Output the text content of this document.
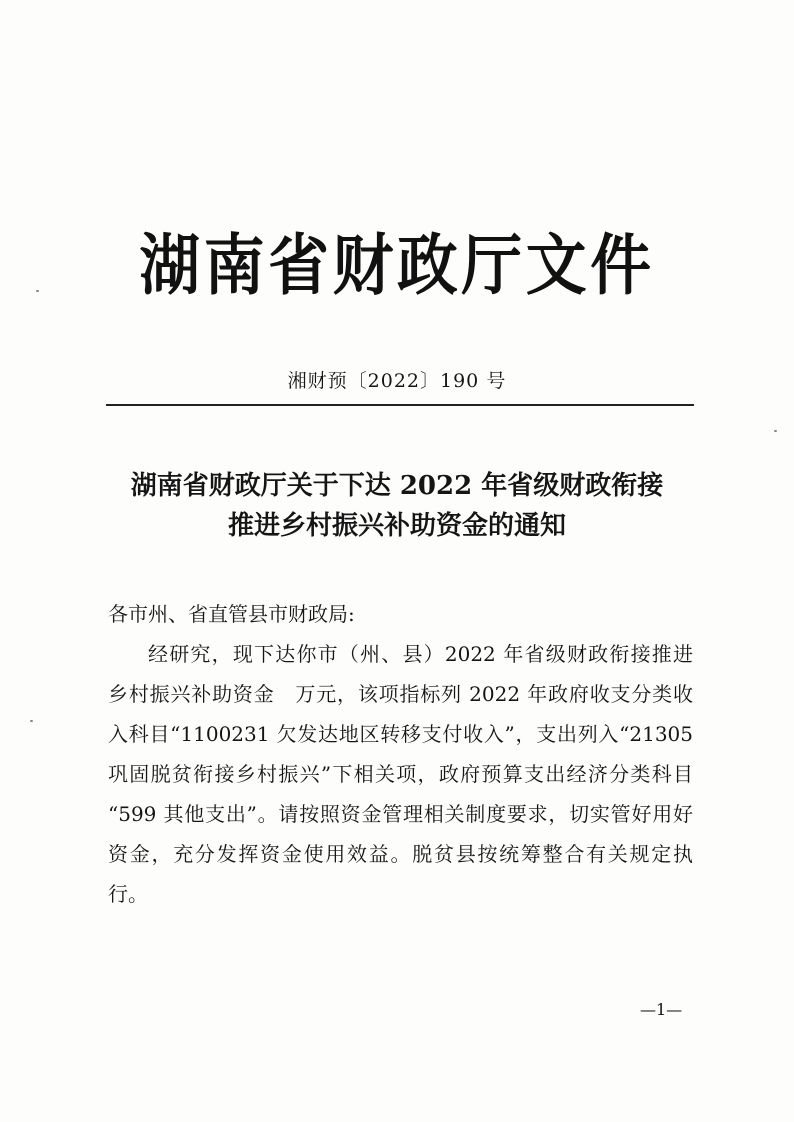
湖南省财政厅文件
湘财预〔2022〕190 号
湖南省财政厅关于下达 2022 年省级财政衔接
推进乡村振兴补助资金的通知
各市州、省直管县市财政局:
经研究，现下达你市（州、县）2022 年省级财政衔接推进
乡村振兴补助资金　万元，该项指标列 2022 年政府收支分类收
入科目“1100231 欠发达地区转移支付收入”，支出列入“21305
巩固脱贫衔接乡村振兴”下相关项，政府预算支出经济分类科目
“599 其他支出”。请按照资金管理相关制度要求，切实管好用好
资金，充分发挥资金使用效益。脱贫县按统筹整合有关规定执
行。
—1—
